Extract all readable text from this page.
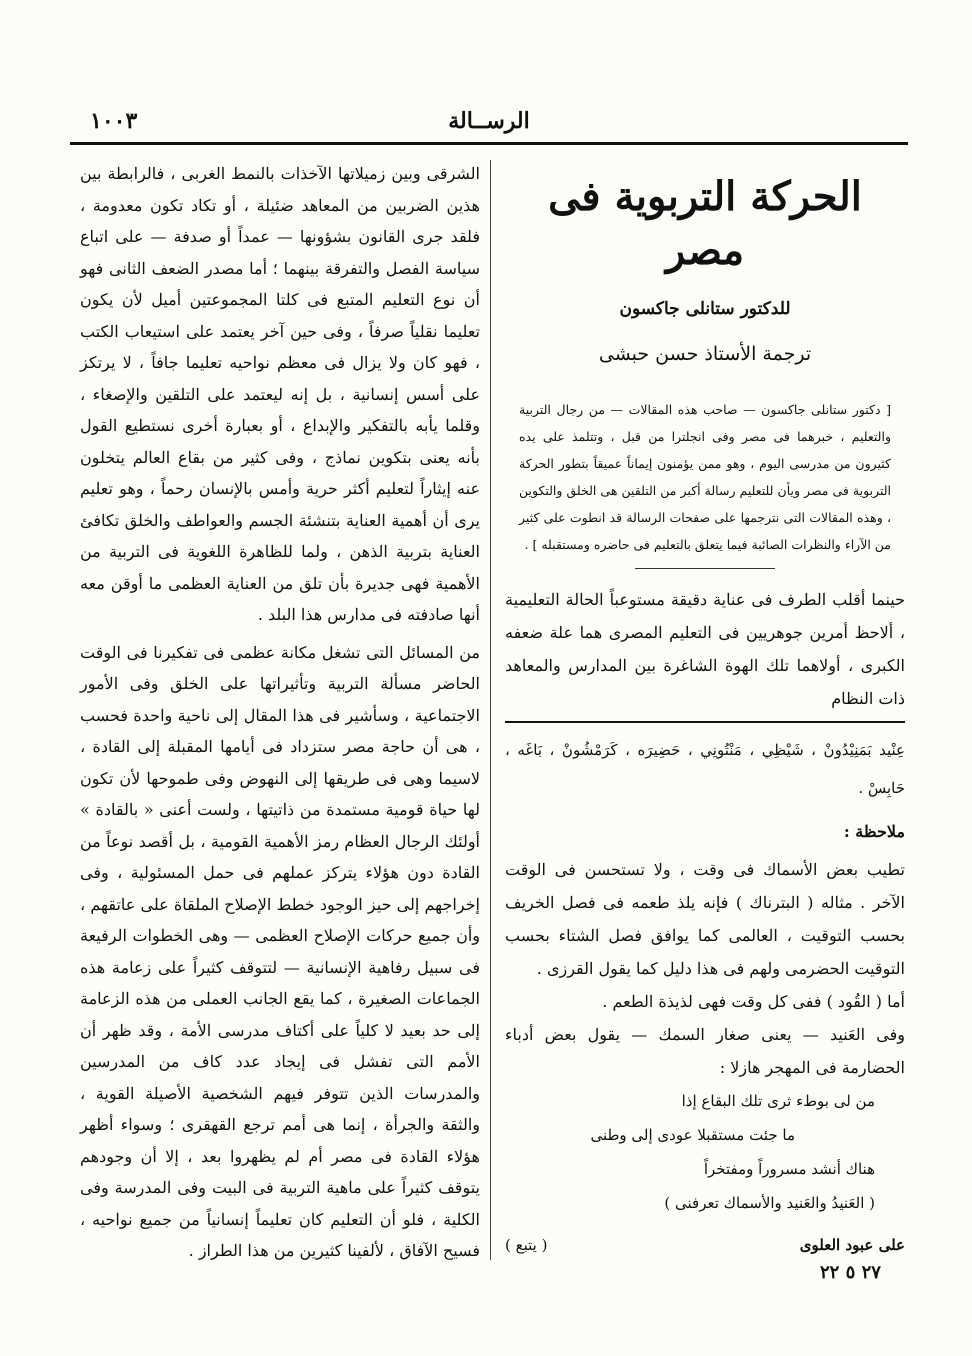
الرســالة
١٠٠٣
الحركة التربوية فى مصر
للدكتور ستانلى جاكسون
ترجمة الأستاذ حسن حبشى

[ دكتور ستانلى جاكسون — صاحب هذه المقالات — من رجال التربية والتعليم ، خبرهما فى مصر وفى انجلترا من قبل ، وتتلمذ على يده كثيرون من مدرسى اليوم ، وهو ممن يؤمنون إيماناً عميقاً بتطور الحركة التربوية فى مصر ويأن للتعليم رسالة أكبر من التلقين هى الخلق والتكوين ، وهذه المقالات التى نترجمها على صفحات الرسالة قد انطوت على كثير من الآراء والنظرات الصائبة فيما يتعلق بالتعليم فى حاضره ومستقبله ] .

حينما أقلب الطرف فى عناية دقيقة مستوعباً الحالة التعليمية ، ألاحظ أمرين جوهريين فى التعليم المصرى هما علة ضعفه الكبرى ، أولاهما تلك الهوة الشاغرة بين المدارس والمعاهد ذات النظام

عِنْيد بَمَنِيْدُونْ ، شَيْظِي ، مَنْتُونِي ، حَضِيرَه ، كَرَمْشُونْ ، بَاغَه ، حَابِسْ .

ملاحظة :

تطيب بعض الأسماك فى وقت ، ولا تستحسن فى الوقت الآخر . مثاله ( البترناك ) فإنه يلذ طعمه فى فصل الخريف بحسب التوقيت ، العالمى كما يوافق فصل الشتاء بحسب التوقيت الحضرمى ولهم فى هذا دليل كما يقول القرزى .

أما ( القُود ) ففى كل وقت فهى لذيذة الطعم .

وفى العَنيد — يعنى صغار السمك — يقول بعض أدباء الحضارمة فى المهجر هازلا :

من لى بوطء ثرى تلك البقاع إذا

ما جئت مستقبلا عودى إلى وطنى

هناك أنشد مسروراً ومفتخراً

( العَنيدُ والعَنيد والأسماك تعرفنى )

على عبود العلوى
( يتبع )

الشرقى وبين زميلاتها الآخذات بالنمط الغربى ، فالرابطة بين هذين الضربين من المعاهد ضئيلة ، أو تكاد تكون معدومة ، فلقد جرى القانون بشؤونها — عمداً أو صدفة — على اتباع سياسة الفصل والتفرقة بينهما ؛ أما مصدر الضعف الثانى فهو أن نوع التعليم المتبع فى كلتا المجموعتين أميل لأن يكون تعليما نقلياً صرفاً ، وفى حين آخر يعتمد على استيعاب الكتب ، فهو كان ولا يزال فى معظم نواحيه تعليما جافاً ، لا يرتكز على أسس إنسانية ، بل إنه ليعتمد على التلقين والإصغاء ، وقلما يأبه بالتفكير والإبداع ، أو بعبارة أخرى نستطيع القول بأنه يعنى بتكوين نماذج ، وفى كثير من بقاع العالم يتخلون عنه إيثاراً لتعليم أكثر حرية وأمس بالإنسان رحماً ، وهو تعليم يرى أن أهمية العناية بتنشئة الجسم والعواطف والخلق تكافئ العناية بتربية الذهن ، ولما للظاهرة اللغوية فى التربية من الأهمية فهى جديرة بأن تلق من العناية العظمى ما أوقن معه أنها صادفته فى مدارس هذا البلد .

من المسائل التى تشغل مكانة عظمى فى تفكيرنا فى الوقت الحاضر مسألة التربية وتأثيراتها على الخلق وفى الأمور الاجتماعية ، وسأشير فى هذا المقال إلى ناحية واحدة فحسب ، هى أن حاجة مصر ستزداد فى أيامها المقبلة إلى القادة ، لاسيما وهى فى طريقها إلى النهوض وفى طموحها لأن تكون لها حياة قومية مستمدة من ذاتيتها ، ولست أعنى « بالقادة » أولئك الرجال العظام رمز الأهمية القومية ، بل أقصد نوعاً من القادة دون هؤلاء يتركز عملهم فى حمل المسئولية ، وفى إخراجهم إلى حيز الوجود خطط الإصلاح الملقاة على عاتقهم ، وأن جميع حركات الإصلاح العظمى — وهى الخطوات الرفيعة فى سبيل رفاهية الإنسانية — لتتوقف كثيراً على زعامة هذه الجماعات الصغيرة ، كما يقع الجانب العملى من هذه الزعامة إلى حد بعيد لا كلياً على أكتاف مدرسى الأمة ، وقد ظهر أن الأمم التى تفشل فى إيجاد عدد كاف من المدرسين والمدرسات الذين تتوفر فيهم الشخصية الأصيلة القوية ، والثقة والجرأة ، إنما هى أمم ترجع القهقرى ؛ وسواء أظهر هؤلاء القادة فى مصر أم لم يظهروا بعد ، إلا أن وجودهم يتوقف كثيراً على ماهية التربية فى البيت وفى المدرسة وفى الكلية ، فلو أن التعليم كان تعليماً إنسانياً من جميع نواحيه ، فسيح الآفاق ، لألفينا كثيرين من هذا الطراز .

٢٧ ٥ ٢٢
